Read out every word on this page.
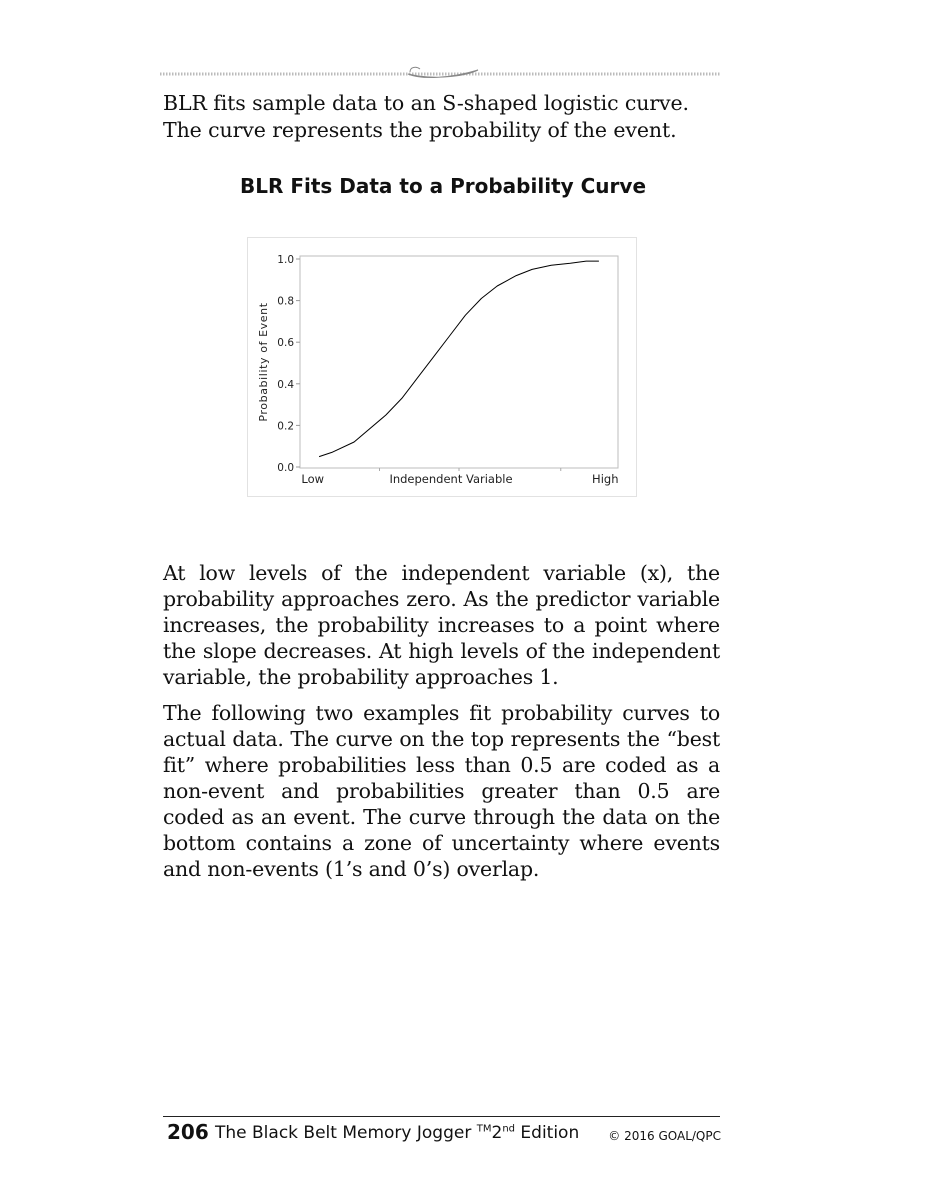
BLR fits sample data to an S-shaped logistic curve. The curve represents the probability of the event.

BLR Fits Data to a Probability Curve
0.0
0.2
0.4
0.6
0.8
1.0
Low	High
Probability of Event
Independent Variable

At low levels of the independent variable (x), the probability approaches zero. As the predictor variable increases, the probability increases to a point where the slope decreases. At high levels of the independent variable, the probability approaches 1.

The following two examples fit probability curves to actual data. The curve on the top represents the “best fit” where probabilities less than 0.5 are coded as a non-event and probabilities greater than 0.5 are coded as an event. The curve through the data on the bottom contains a zone of uncertainty where events and non-events (1’s and 0’s) overlap.

206 The Black Belt Memory Jogger ™2nd Edition © 2016 GOAL/QPC
